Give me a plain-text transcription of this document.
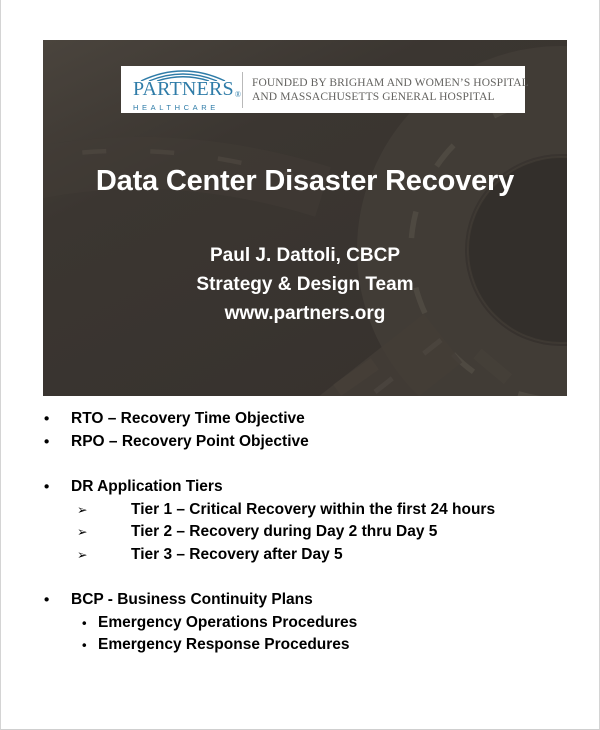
PARTNERS®
HEALTHCARE
FOUNDED BY BRIGHAM AND WOMEN’S HOSPITAL
AND MASSACHUSETTS GENERAL HOSPITAL
Data Center Disaster Recovery
Paul J. Dattoli, CBCP
Strategy & Design Team
www.partners.org
• RTO – Recovery Time Objective
• RPO – Recovery Point Objective
• DR Application Tiers
➢	Tier 1 – Critical Recovery within the first 24 hours
➢	Tier 2 – Recovery during Day 2 thru Day 5
➢	Tier 3 – Recovery after Day 5
• BCP - Business Continuity Plans
• Emergency Operations Procedures
• Emergency Response Procedures
